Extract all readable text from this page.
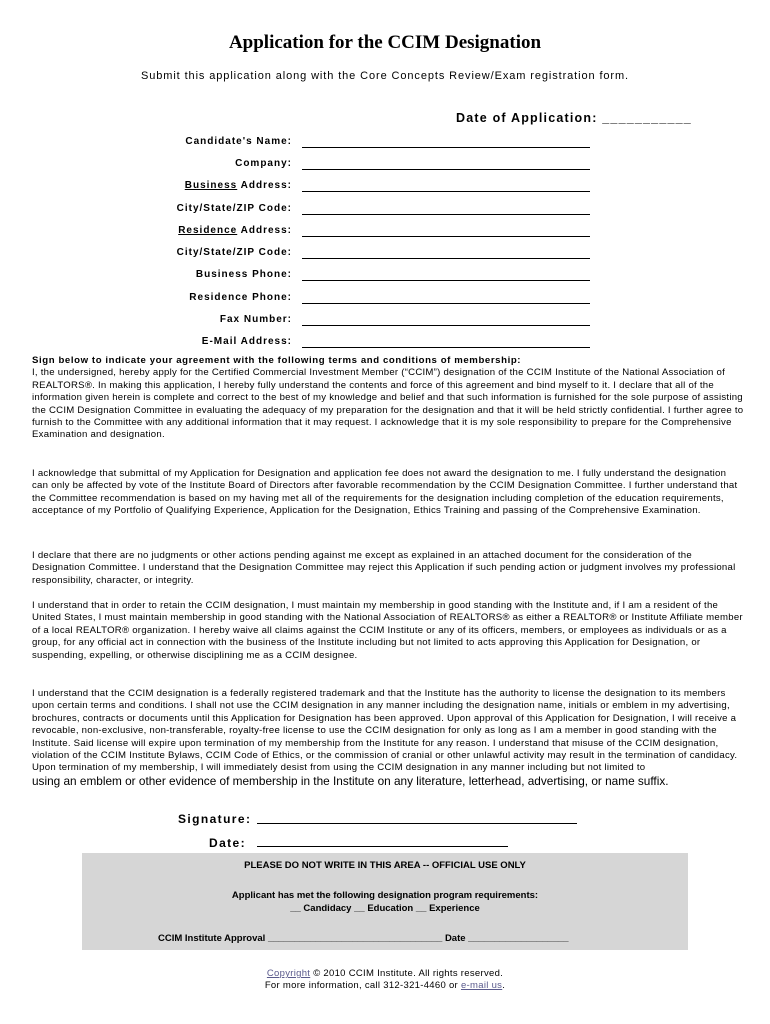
Application for the CCIM Designation
Submit this application along with the Core Concepts Review/Exam registration form.
Date of Application: ___________
Candidate's Name:
Company:
Business Address:
City/State/ZIP Code:
Residence Address:
City/State/ZIP Code:
Business Phone:
Residence Phone:
Fax Number:
E-Mail Address:

Sign below to indicate your agreement with the following terms and conditions of membership:

I, the undersigned, hereby apply for the Certified Commercial Investment Member (“CCIM”) designation of the CCIM Institute of the National Association of REALTORS®. In making this application, I hereby fully understand the contents and force of this agreement and bind myself to it. I declare that all of the information given herein is complete and correct to the best of my knowledge and belief and that such information is furnished for the sole purpose of assisting the CCIM Designation Committee in evaluating the adequacy of my preparation for the designation and that it will be held strictly confidential. I further agree to furnish to the Committee with any additional information that it may request. I acknowledge that it is my sole responsibility to prepare for the Comprehensive Examination and designation.

I acknowledge that submittal of my Application for Designation and application fee does not award the designation to me. I fully understand the designation can only be affected by vote of the Institute Board of Directors after favorable recommendation by the CCIM Designation Committee. I further understand that the Committee recommendation is based on my having met all of the requirements for the designation including completion of the education requirements, acceptance of my Portfolio of Qualifying Experience, Application for the Designation, Ethics Training and passing of the Comprehensive Examination.
I declare that there are no judgments or other actions pending against me except as explained in an attached document for the consideration of the Designation Committee. I understand that the Designation Committee may reject this Application if such pending action or judgment involves my professional responsibility, character, or integrity.
I understand that in order to retain the CCIM designation, I must maintain my membership in good standing with the Institute and, if I am a resident of the United States, I must maintain membership in good standing with the National Association of REALTORS® as either a REALTOR® or Institute Affiliate member of a local REALTOR® organization. I hereby waive all claims against the CCIM Institute or any of its officers, members, or employees as individuals or as a group, for any official act in connection with the business of the Institute including but not limited to acts approving this Application for Designation, or suspending, expelling, or otherwise disciplining me as a CCIM designee.

I understand that the CCIM designation is a federally registered trademark and that the Institute has the authority to license the designation to its members upon certain terms and conditions. I shall not use the CCIM designation in any manner including the designation name, initials or emblem in my advertising, brochures, contracts or documents until this Application for Designation has been approved. Upon approval of this Application for Designation, I will receive a revocable, non-exclusive, non-transferable, royalty-free license to use the CCIM designation for only as long as I am a member in good standing with the Institute. Said license will expire upon termination of my membership from the Institute for any reason. I understand that misuse of the CCIM designation, violation of the CCIM Institute Bylaws, CCIM Code of Ethics, or the commission of cranial or other unlawful activity may result in the termination of candidacy. Upon termination of my membership, I will immediately desist from using the CCIM designation in any manner including but not limited to

using an emblem or other evidence of membership in the Institute on any literature, letterhead, advertising, or name suffix.

Signature:
Date:
PLEASE DO NOT WRITE IN THIS AREA -- OFFICIAL USE ONLY
Applicant has met the following designation program requirements:
__ Candidacy __ Education __ Experience
CCIM Institute Approval _________________________________ Date ___________________
Copyright © 2010 CCIM Institute. All rights reserved.
For more information, call 312-321-4460 or e-mail us.
